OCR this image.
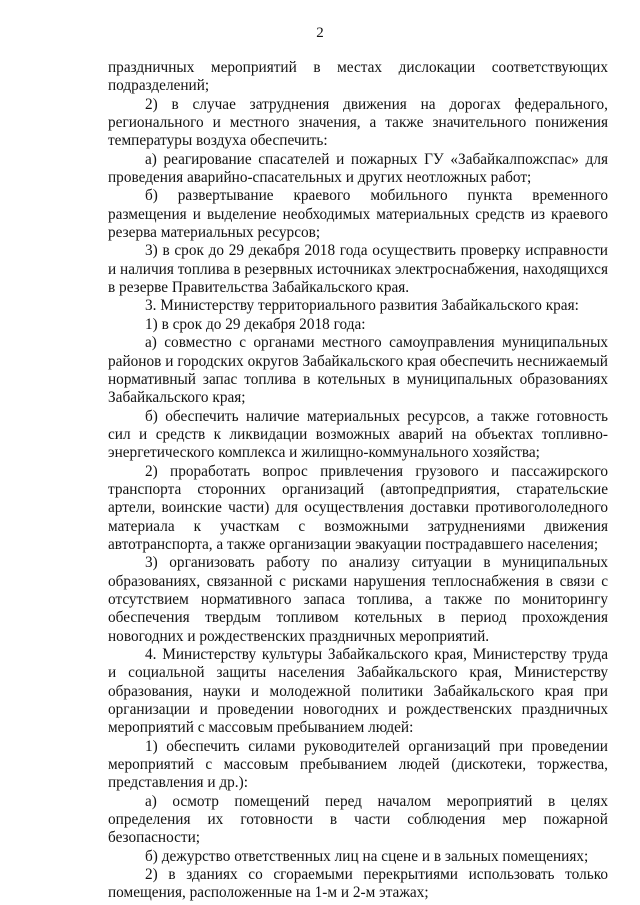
2

праздничных мероприятий в местах дислокации соответствующих подразделений;

2) в случае затруднения движения на дорогах федерального, регионального и местного значения, а также значительного понижения температуры воздуха обеспечить:

а) реагирование спасателей и пожарных ГУ «Забайкалпожспас» для проведения аварийно-спасательных и других неотложных работ;

б) развертывание краевого мобильного пункта временного размещения и выделение необходимых материальных средств из краевого резерва материальных ресурсов;

3) в срок до 29 декабря 2018 года осуществить проверку исправности и наличия топлива в резервных источниках электроснабжения, находящихся в резерве Правительства Забайкальского края.

3. Министерству территориального развития Забайкальского края:

1) в срок до 29 декабря 2018 года:

а) совместно с органами местного самоуправления муниципальных районов и городских округов Забайкальского края обеспечить неснижаемый нормативный запас топлива в котельных в муниципальных образованиях Забайкальского края;

б) обеспечить наличие материальных ресурсов, а также готовность сил и средств к ликвидации возможных аварий на объектах топливно-энергетического комплекса и жилищно-коммунального хозяйства;

2) проработать вопрос привлечения грузового и пассажирского транспорта сторонних организаций (автопредприятия, старательские артели, воинские части) для осуществления доставки противогололедного материала к участкам с возможными затруднениями движения автотранспорта, а также организации эвакуации пострадавшего населения;

3) организовать работу по анализу ситуации в муниципальных образованиях, связанной с рисками нарушения теплоснабжения в связи с отсутствием нормативного запаса топлива, а также по мониторингу обеспечения твердым топливом котельных в период прохождения новогодних и рождественских праздничных мероприятий.

4. Министерству культуры Забайкальского края, Министерству труда и социальной защиты населения Забайкальского края, Министерству образования, науки и молодежной политики Забайкальского края при организации и проведении новогодних и рождественских праздничных мероприятий с массовым пребыванием людей:

1) обеспечить силами руководителей организаций при проведении мероприятий с массовым пребыванием людей (дискотеки, торжества, представления и др.):

а) осмотр помещений перед началом мероприятий в целях определения их готовности в части соблюдения мер пожарной безопасности;

б) дежурство ответственных лиц на сцене и в зальных помещениях;

2) в зданиях со сгораемыми перекрытиями использовать только помещения, расположенные на 1-м и 2-м этажах;
